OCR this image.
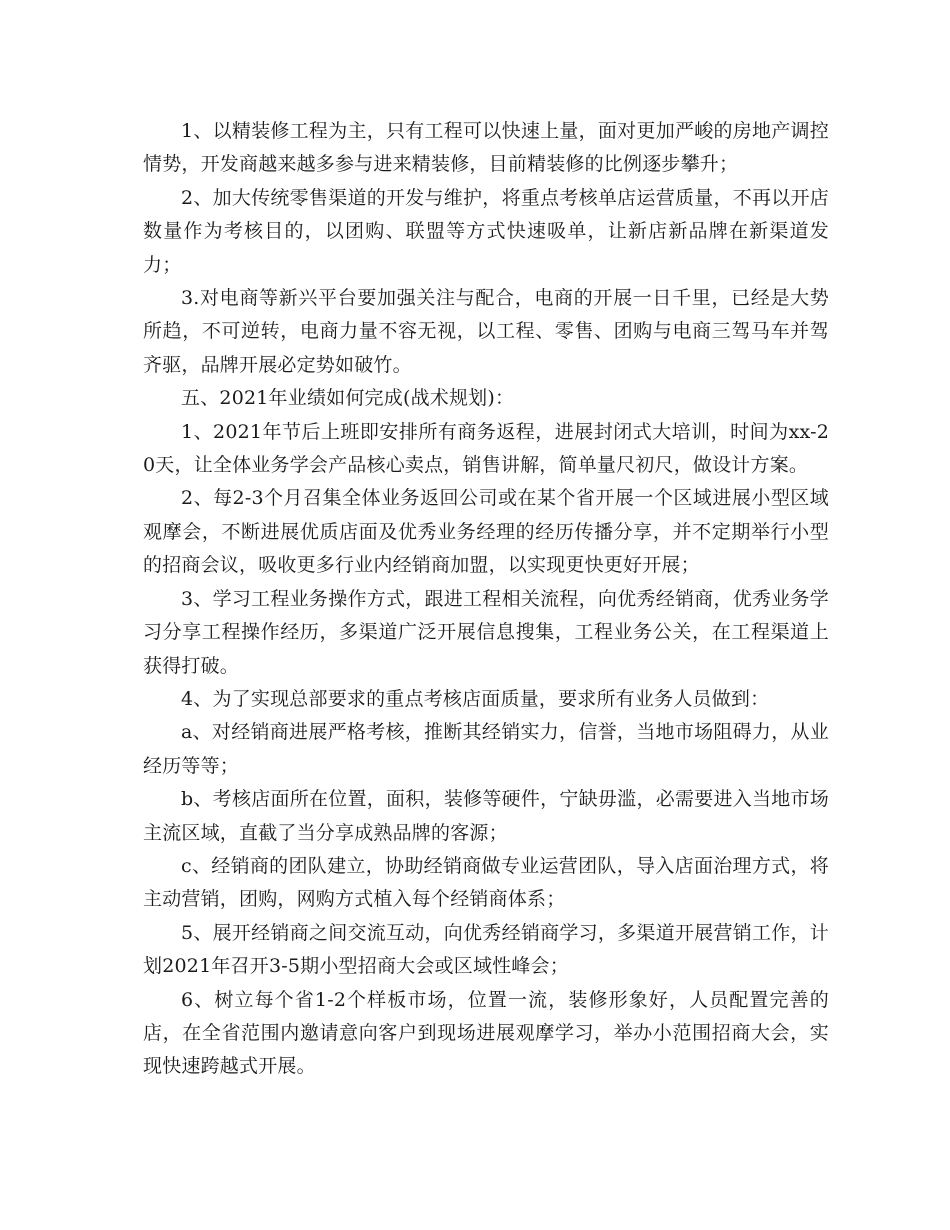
1、以精装修工程为主，只有工程可以快速上量，面对更加严峻的房地产调控情势，开发商越来越多参与进来精装修，目前精装修的比例逐步攀升；

2、加大传统零售渠道的开发与维护，将重点考核单店运营质量，不再以开店数量作为考核目的，以团购、联盟等方式快速吸单，让新店新品牌在新渠道发力；

3.对电商等新兴平台要加强关注与配合，电商的开展一日千里，已经是大势所趋，不可逆转，电商力量不容无视，以工程、零售、团购与电商三驾马车并驾齐驱，品牌开展必定势如破竹。

五、2021年业绩如何完成(战术规划)：

1、2021年节后上班即安排所有商务返程，进展封闭式大培训，时间为xx-20天，让全体业务学会产品核心卖点，销售讲解，简单量尺初尺，做设计方案。

2、每2-3个月召集全体业务返回公司或在某个省开展一个区域进展小型区域观摩会，不断进展优质店面及优秀业务经理的经历传播分享，并不定期举行小型的招商会议，吸收更多行业内经销商加盟，以实现更快更好开展；

3、学习工程业务操作方式，跟进工程相关流程，向优秀经销商，优秀业务学习分享工程操作经历，多渠道广泛开展信息搜集，工程业务公关，在工程渠道上获得打破。

4、为了实现总部要求的重点考核店面质量，要求所有业务人员做到：

a、对经销商进展严格考核，推断其经销实力，信誉，当地市场阻碍力，从业经历等等；

b、考核店面所在位置，面积，装修等硬件，宁缺毋滥，必需要进入当地市场主流区域，直截了当分享成熟品牌的客源；

c、经销商的团队建立，协助经销商做专业运营团队，导入店面治理方式，将主动营销，团购，网购方式植入每个经销商体系；

5、展开经销商之间交流互动，向优秀经销商学习，多渠道开展营销工作，计划2021年召开3-5期小型招商大会或区域性峰会；

6、树立每个省1-2个样板市场，位置一流，装修形象好，人员配置完善的店，在全省范围内邀请意向客户到现场进展观摩学习，举办小范围招商大会，实现快速跨越式开展。
